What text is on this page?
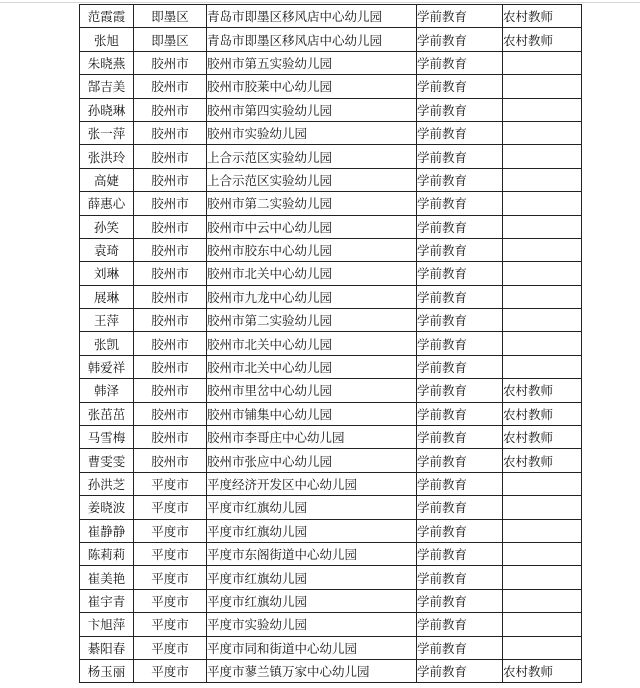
范霞霞	即墨区	青岛市即墨区移风店中心幼儿园	学前教育	农村教师
张旭	即墨区	青岛市即墨区移风店中心幼儿园	学前教育	农村教师
朱晓燕	胶州市	胶州市第五实验幼儿园	学前教育	
郜吉美	胶州市	胶州市胶莱中心幼儿园	学前教育	
孙晓琳	胶州市	胶州市第四实验幼儿园	学前教育	
张一萍	胶州市	胶州市实验幼儿园	学前教育	
张洪玲	胶州市	上合示范区实验幼儿园	学前教育	
高婕	胶州市	上合示范区实验幼儿园	学前教育	
薛惠心	胶州市	胶州市第二实验幼儿园	学前教育	
孙笑	胶州市	胶州市中云中心幼儿园	学前教育	
袁琦	胶州市	胶州市胶东中心幼儿园	学前教育	
刘琳	胶州市	胶州市北关中心幼儿园	学前教育	
展琳	胶州市	胶州市九龙中心幼儿园	学前教育	
王萍	胶州市	胶州市第二实验幼儿园	学前教育	
张凯	胶州市	胶州市北关中心幼儿园	学前教育	
韩爱祥	胶州市	胶州市北关中心幼儿园	学前教育	
韩泽	胶州市	胶州市里岔中心幼儿园	学前教育	农村教师
张茁茁	胶州市	胶州市铺集中心幼儿园	学前教育	农村教师
马雪梅	胶州市	胶州市李哥庄中心幼儿园	学前教育	农村教师
曹雯雯	胶州市	胶州市张应中心幼儿园	学前教育	农村教师
孙洪芝	平度市	平度经济开发区中心幼儿园	学前教育	
姜晓波	平度市	平度市红旗幼儿园	学前教育	
崔静静	平度市	平度市红旗幼儿园	学前教育	
陈莉莉	平度市	平度市东阁街道中心幼儿园	学前教育	
崔美艳	平度市	平度市红旗幼儿园	学前教育	
崔宇青	平度市	平度市红旗幼儿园	学前教育	
卞旭萍	平度市	平度市实验幼儿园	学前教育	
綦阳春	平度市	平度市同和街道中心幼儿园	学前教育	
杨玉丽	平度市	平度市蓼兰镇万家中心幼儿园	学前教育	农村教师
